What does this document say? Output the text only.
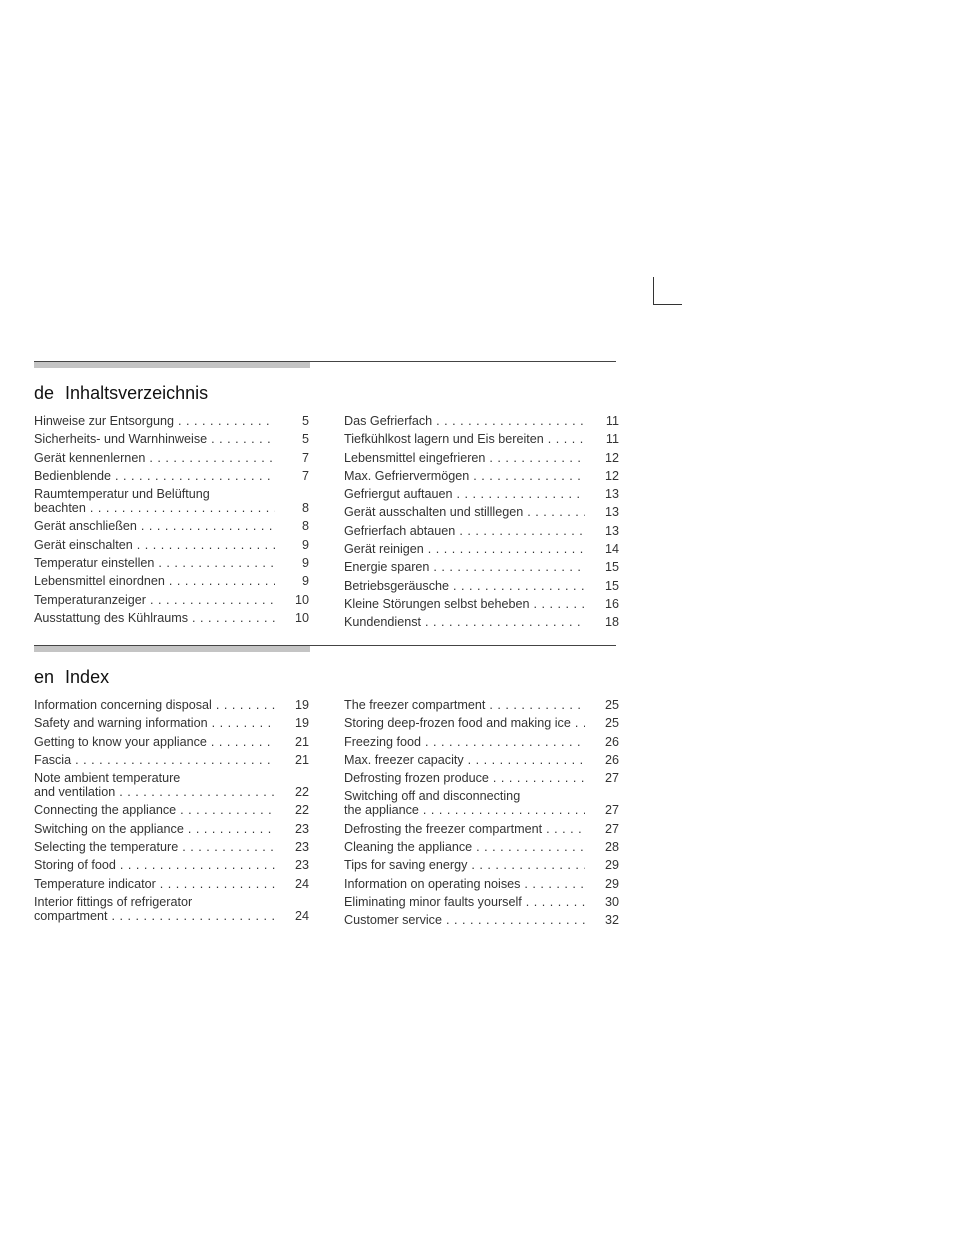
de Inhaltsverzeichnis
Hinweise zur Entsorgung . . .	5
Sicherheits- und Warnhinweise . . .	5
Gerät kennenlernen . . .	7
Bedienblende . . .	7
Raumtemperatur und Belüftung
beachten . . .	8
Gerät anschließen . . .	8
Gerät einschalten . . .	9
Temperatur einstellen . . .	9
Lebensmittel einordnen . . .	9
Temperaturanzeiger . . .	10
Ausstattung des Kühlraums . . .	10
Das Gefrierfach . . .	11
Tiefkühlkost lagern und Eis bereiten . . .	11
Lebensmittel eingefrieren . . .	12
Max. Gefriervermögen . . .	12
Gefriergut auftauen . . .	13
Gerät ausschalten und stilllegen . . .	13
Gefrierfach abtauen . . .	13
Gerät reinigen . . .	14
Energie sparen . . .	15
Betriebsgeräusche . . .	15
Kleine Störungen selbst beheben . . .	16
Kundendienst . . .	18
en Index
Information concerning disposal . . .	19
Safety and warning information . . .	19
Getting to know your appliance . . .	21
Fascia . . .	21
Note ambient temperature
and ventilation . . .	22
Connecting the appliance . . .	22
Switching on the appliance . . .	23
Selecting the temperature . . .	23
Storing of food . . .	23
Temperature indicator . . .	24
Interior fittings of refrigerator
compartment . . .	24
The freezer compartment . . .	25
Storing deep-frozen food and making ice . . .	25
Freezing food . . .	26
Max. freezer capacity . . .	26
Defrosting frozen produce . . .	27
Switching off and disconnecting
the appliance . . .	27
Defrosting the freezer compartment . . .	27
Cleaning the appliance . . .	28
Tips for saving energy . . .	29
Information on operating noises . . .	29
Eliminating minor faults yourself . . .	30
Customer service . . .	32
